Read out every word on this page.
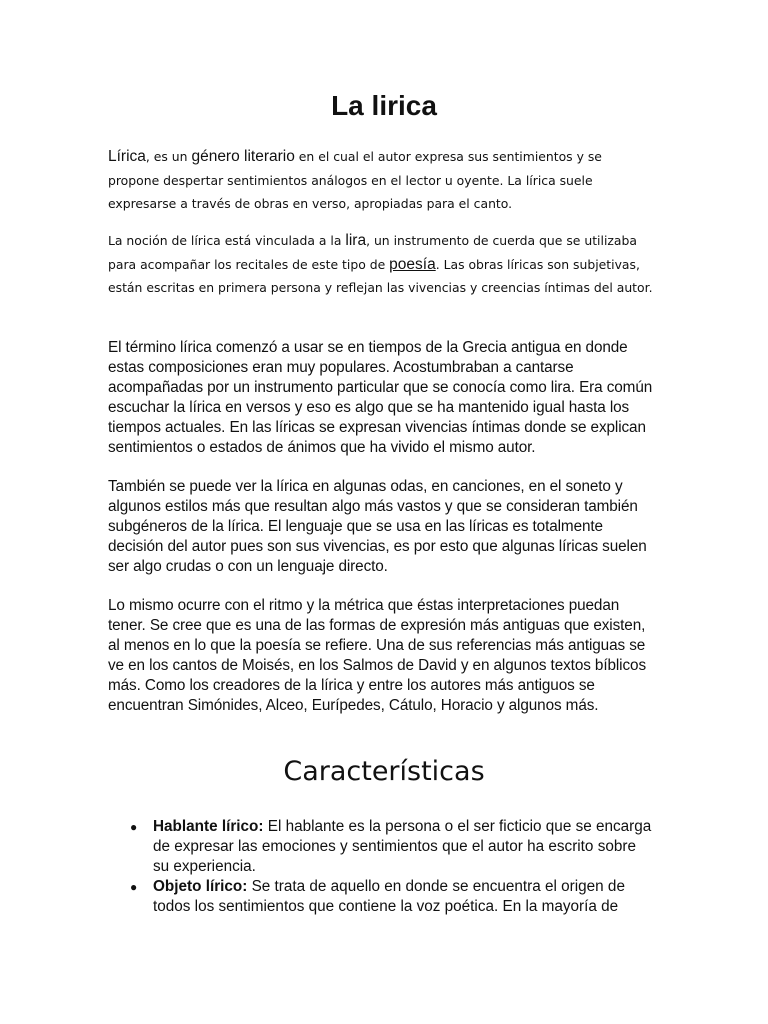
La lirica

Lírica, es un género literario en el cual el autor expresa sus sentimientos y se propone despertar sentimientos análogos en el lector u oyente. La lírica suele expresarse a través de obras en verso, apropiadas para el canto.

La noción de lírica está vinculada a la lira, un instrumento de cuerda que se utilizaba para acompañar los recitales de este tipo de poesía. Las obras líricas son subjetivas, están escritas en primera persona y reflejan las vivencias y creencias íntimas del autor.

El término lírica comenzó a usar se en tiempos de la Grecia antigua en donde estas composiciones eran muy populares. Acostumbraban a cantarse acompañadas por un instrumento particular que se conocía como lira. Era común escuchar la lírica en versos y eso es algo que se ha mantenido igual hasta los tiempos actuales. En las líricas se expresan vivencias íntimas donde se explican sentimientos o estados de ánimos que ha vivido el mismo autor.

También se puede ver la lírica en algunas odas, en canciones, en el soneto y algunos estilos más que resultan algo más vastos y que se consideran también subgéneros de la lírica. El lenguaje que se usa en las líricas es totalmente decisión del autor pues son sus vivencias, es por esto que algunas líricas suelen ser algo crudas o con un lenguaje directo.

Lo mismo ocurre con el ritmo y la métrica que éstas interpretaciones puedan tener. Se cree que es una de las formas de expresión más antiguas que existen, al menos en lo que la poesía se refiere. Una de sus referencias más antiguas se ve en los cantos de Moisés, en los Salmos de David y en algunos textos bíblicos más. Como los creadores de la lírica y entre los autores más antiguos se encuentran Simónides, Alceo, Eurípedes, Cátulo, Horacio y algunos más.

Características
● Hablante lírico: El hablante es la persona o el ser ficticio que se encarga de expresar las emociones y sentimientos que el autor ha escrito sobre su experiencia.
● Objeto lírico: Se trata de aquello en donde se encuentra el origen de todos los sentimientos que contiene la voz poética. En la mayoría de
